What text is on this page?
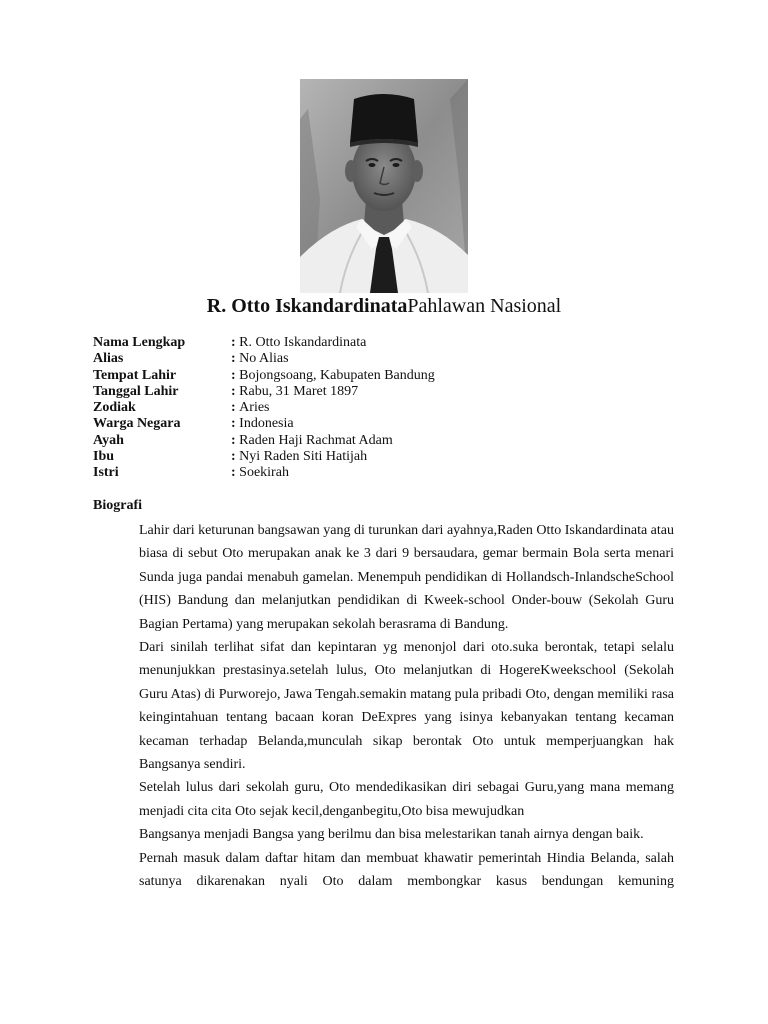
R. Otto IskandardinataPahlawan Nasional
Nama Lengkap	: R. Otto Iskandardinata
Alias	: No Alias
Tempat Lahir	: Bojongsoang, Kabupaten Bandung
Tanggal Lahir	: Rabu, 31 Maret 1897
Zodiak	: Aries
Warga Negara	: Indonesia
Ayah	: Raden Haji Rachmat Adam
Ibu	: Nyi Raden Siti Hatijah
Istri	: Soekirah
Biografi

Lahir dari keturunan bangsawan yang di turunkan dari ayahnya,Raden Otto Iskandardinata atau biasa di sebut Oto merupakan anak ke 3 dari 9 bersaudara, gemar bermain Bola serta menari Sunda juga pandai menabuh gamelan. Menempuh pendidikan di Hollandsch-InlandscheSchool (HIS) Bandung dan melanjutkan pendidikan di Kweek-school Onder-bouw (Sekolah Guru Bagian Pertama) yang merupakan sekolah berasrama di Bandung.

Dari sinilah terlihat sifat dan kepintaran yg menonjol dari oto.suka berontak, tetapi selalu menunjukkan prestasinya.setelah lulus, Oto melanjutkan di HogereKweekschool (Sekolah Guru Atas) di Purworejo, Jawa Tengah.semakin matang pula pribadi Oto, dengan memiliki rasa keingintahuan tentang bacaan koran DeExpres yang isinya kebanyakan tentang kecaman kecaman terhadap Belanda,munculah sikap berontak Oto untuk memperjuangkan hak Bangsanya sendiri.

Setelah lulus dari sekolah guru, Oto mendedikasikan diri sebagai Guru,yang mana memang menjadi cita cita Oto sejak kecil,denganbegitu,Oto bisa mewujudkan

Bangsanya menjadi Bangsa yang berilmu dan bisa melestarikan tanah airnya dengan baik.

Pernah masuk dalam daftar hitam dan membuat khawatir pemerintah Hindia Belanda, salah satunya dikarenakan nyali Oto dalam membongkar kasus bendungan kemuning
